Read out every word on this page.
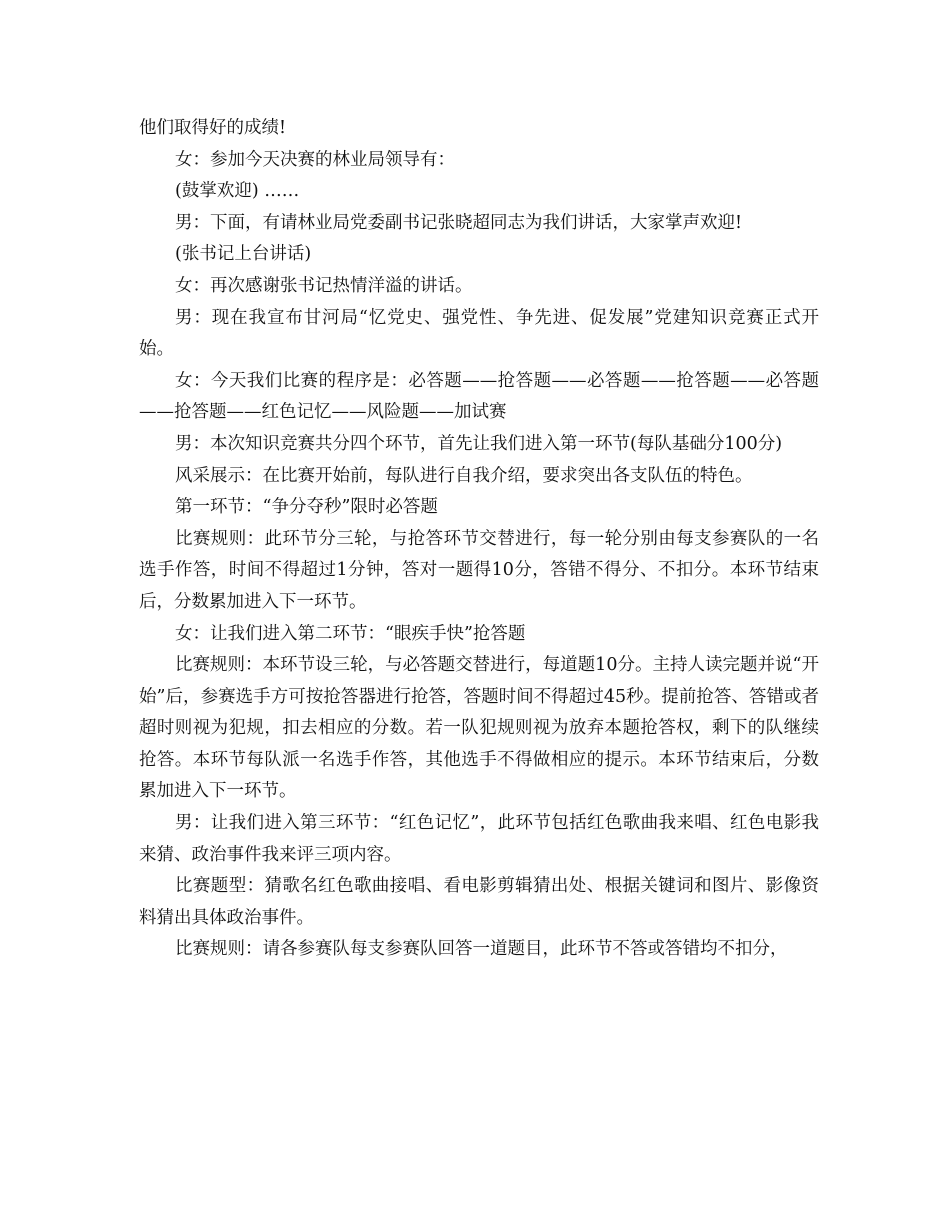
他们取得好的成绩!

女：参加今天决赛的林业局领导有：

(鼓掌欢迎) ……

男：下面，有请林业局党委副书记张晓超同志为我们讲话，大家掌声欢迎!

(张书记上台讲话)

女：再次感谢张书记热情洋溢的讲话。

男：现在我宣布甘河局“忆党史、强党性、争先进、促发展”党建知识竞赛正式开始。

女：今天我们比赛的程序是：必答题——抢答题——必答题——抢答题——必答题——抢答题——红色记忆——风险题——加试赛

男：本次知识竞赛共分四个环节，首先让我们进入第一环节(每队基础分100分)

风采展示：在比赛开始前，每队进行自我介绍，要求突出各支队伍的特色。

第一环节：“争分夺秒”限时必答题

比赛规则：此环节分三轮，与抢答环节交替进行，每一轮分别由每支参赛队的一名选手作答，时间不得超过1分钟，答对一题得10分，答错不得分、不扣分。本环节结束后，分数累加进入下一环节。

女：让我们进入第二环节：“眼疾手快”抢答题

比赛规则：本环节设三轮，与必答题交替进行，每道题10分。主持人读完题并说“开始”后，参赛选手方可按抢答器进行抢答，答题时间不得超过45秒。提前抢答、答错或者超时则视为犯规，扣去相应的分数。若一队犯规则视为放弃本题抢答权，剩下的队继续抢答。本环节每队派一名选手作答，其他选手不得做相应的提示。本环节结束后，分数累加进入下一环节。

男：让我们进入第三环节：“红色记忆”，此环节包括红色歌曲我来唱、红色电影我来猜、政治事件我来评三项内容。

比赛题型：猜歌名红色歌曲接唱、看电影剪辑猜出处、根据关键词和图片、影像资料猜出具体政治事件。

比赛规则：请各参赛队每支参赛队回答一道题目，此环节不答或答错均不扣分，
